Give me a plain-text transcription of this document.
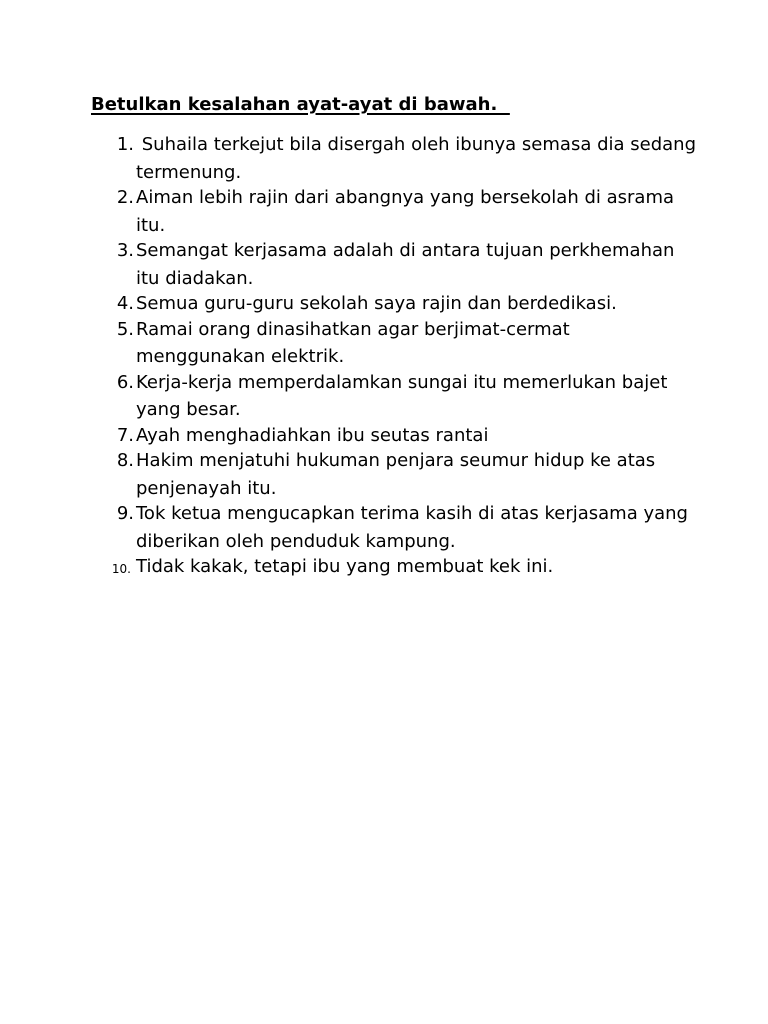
Betulkan kesalahan ayat-ayat di bawah.
1. Suhaila terkejut bila disergah oleh ibunya semasa dia sedang termenung.
2. Aiman lebih rajin dari abangnya yang bersekolah di asrama itu.
3. Semangat kerjasama adalah di antara tujuan perkhemahan itu diadakan.
4. Semua guru-guru sekolah saya rajin dan berdedikasi.
5. Ramai orang dinasihatkan agar berjimat-cermat menggunakan elektrik.
6. Kerja-kerja memperdalamkan sungai itu memerlukan bajet yang besar.
7. Ayah menghadiahkan ibu seutas rantai
8. Hakim menjatuhi hukuman penjara seumur hidup ke atas penjenayah itu.
9. Tok ketua mengucapkan terima kasih di atas kerjasama yang diberikan oleh penduduk kampung.
10. Tidak kakak, tetapi ibu yang membuat kek ini.
